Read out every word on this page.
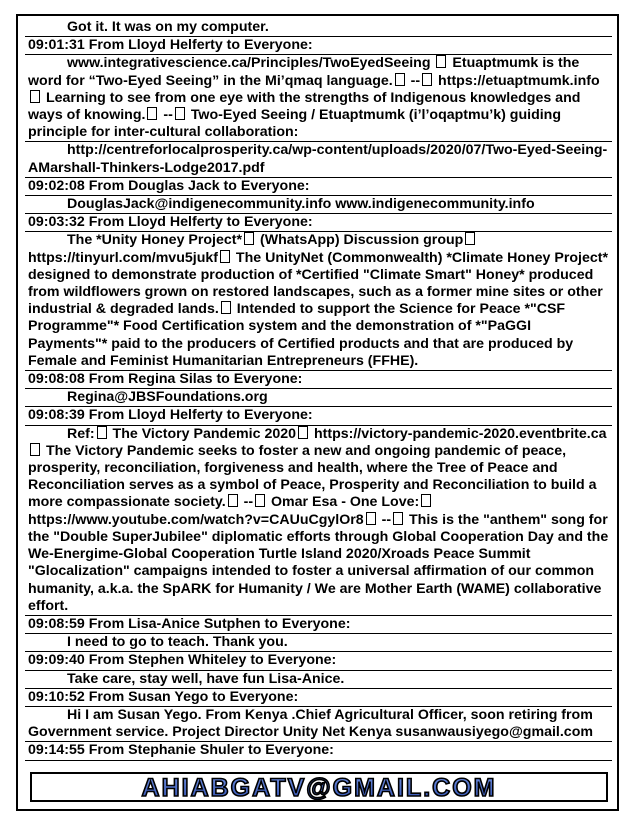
Got it. It was on my computer.
09:01:31 From Lloyd Helferty to Everyone:
www.integrativescience.ca/Principles/TwoEyedSeeing  Etuaptmumk is the word for “Two-Eyed Seeing” in the Mi’qmaq language. -- https://etuaptmumk.info  Learning to see from one eye with the strengths of Indigenous knowledges and ways of knowing. -- Two-Eyed Seeing / Etuaptmumk (i’l’oqaptmu’k) guiding principle for inter-cultural collaboration:
http://centreforlocalprosperity.ca/wp-content/uploads/2020/07/Two-Eyed-Seeing-AMarshall-Thinkers-Lodge2017.pdf
09:02:08 From Douglas Jack to Everyone:
DouglasJack@indigenecommunity.info www.indigenecommunity.info
09:03:32 From Lloyd Helferty to Everyone:
The *Unity Honey Project* (WhatsApp) Discussion group https://tinyurl.com/mvu5jukf The UnityNet (Commonwealth) *Climate Honey Project* designed to demonstrate production of *Certified "Climate Smart" Honey* produced from wildflowers grown on restored landscapes, such as a former mine sites or other industrial & degraded lands. Intended to support the Science for Peace *"CSF Programme"* Food Certification system and the demonstration of *"PaGGI Payments"* paid to the producers of Certified products and that are produced by Female and Feminist Humanitarian Entrepreneurs (FFHE).
09:08:08 From Regina Silas to Everyone:
Regina@JBSFoundations.org
09:08:39 From Lloyd Helferty to Everyone:
Ref: The Victory Pandemic 2020 https://victory-pandemic-2020.eventbrite.ca The Victory Pandemic seeks to foster a new and ongoing pandemic of peace, prosperity, reconciliation, forgiveness and health, where the Tree of Peace and Reconciliation serves as a symbol of Peace, Prosperity and Reconciliation to build a more compassionate society. -- Omar Esa - One Love: https://www.youtube.com/watch?v=CAUuCgylOr8 -- This is the "anthem" song for the "Double SuperJubilee" diplomatic efforts through Global Cooperation Day and the We-Energime-Global Cooperation Turtle Island 2020/Xroads Peace Summit "Glocalization" campaigns intended to foster a universal affirmation of our common humanity, a.k.a. the SpARK for Humanity / We are Mother Earth (WAME) collaborative effort.
09:08:59 From Lisa-Anice Sutphen to Everyone:
I need to go to teach. Thank you.
09:09:40 From Stephen Whiteley to Everyone:
Take care, stay well, have fun Lisa-Anice.
09:10:52 From Susan Yego to Everyone:
Hi I am Susan Yego. From Kenya .Chief Agricultural Officer, soon retiring from Government service. Project Director Unity Net Kenya susanwausiyego@gmail.com
09:14:55 From Stephanie Shuler to Everyone:
AHIABGATV@GMAIL.COM
